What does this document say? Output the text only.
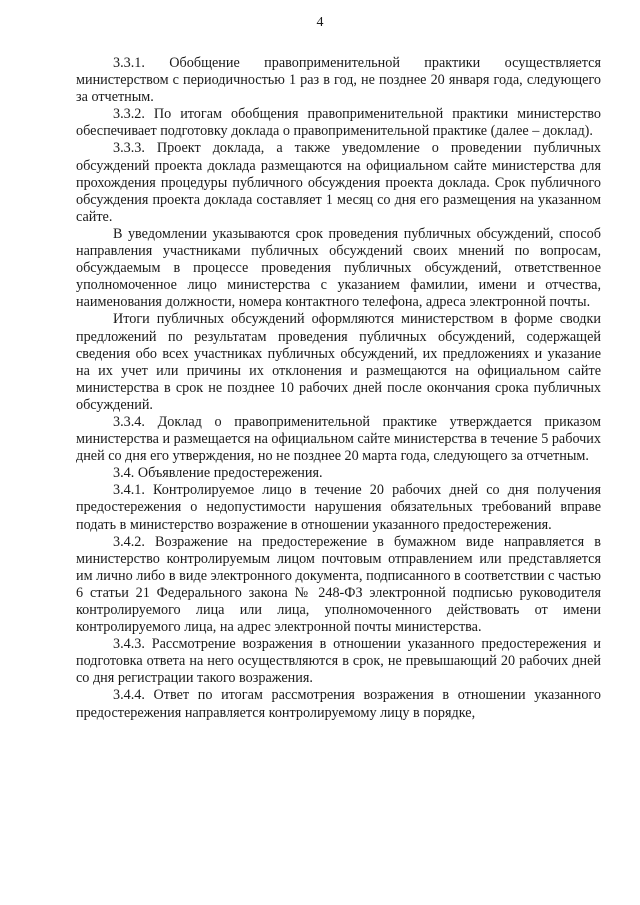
4

3.3.1. Обобщение правоприменительной практики осуществляется министерством с периодичностью 1 раз в год, не позднее 20 января года, следующего за отчетным.

3.3.2. По итогам обобщения правоприменительной практики министерство обеспечивает подготовку доклада о правоприменительной практике (далее – доклад).

3.3.3. Проект доклада, а также уведомление о проведении публичных обсуждений проекта доклада размещаются на официальном сайте министерства для прохождения процедуры публичного обсуждения проекта доклада. Срок публичного обсуждения проекта доклада составляет 1 месяц со дня его размещения на указанном сайте.

В уведомлении указываются срок проведения публичных обсуждений, способ направления участниками публичных обсуждений своих мнений по вопросам, обсуждаемым в процессе проведения публичных обсуждений, ответственное уполномоченное лицо министерства с указанием фамилии, имени и отчества, наименования должности, номера контактного телефона, адреса электронной почты.

Итоги публичных обсуждений оформляются министерством в форме сводки предложений по результатам проведения публичных обсуждений, содержащей сведения обо всех участниках публичных обсуждений, их предложениях и указание на их учет или причины их отклонения и размещаются на официальном сайте министерства в срок не позднее 10 рабочих дней после окончания срока публичных обсуждений.

3.3.4. Доклад о правоприменительной практике утверждается приказом министерства и размещается на официальном сайте министерства в течение 5 рабочих дней со дня его утверждения, но не позднее 20 марта года, следующего за отчетным.

3.4. Объявление предостережения.

3.4.1. Контролируемое лицо в течение 20 рабочих дней со дня получения предостережения о недопустимости нарушения обязательных требований вправе подать в министерство возражение в отношении указанного предостережения.

3.4.2. Возражение на предостережение в бумажном виде направляется в министерство контролируемым лицом почтовым отправлением или представляется им лично либо в виде электронного документа, подписанного в соответствии с частью 6 статьи 21 Федерального закона № 248-ФЗ электронной подписью руководителя контролируемого лица или лица, уполномоченного действовать от имени контролируемого лица, на адрес электронной почты министерства.

3.4.3. Рассмотрение возражения в отношении указанного предостережения и подготовка ответа на него осуществляются в срок, не превышающий 20 рабочих дней со дня регистрации такого возражения.

3.4.4. Ответ по итогам рассмотрения возражения в отношении указанного предостережения направляется контролируемому лицу в порядке,
